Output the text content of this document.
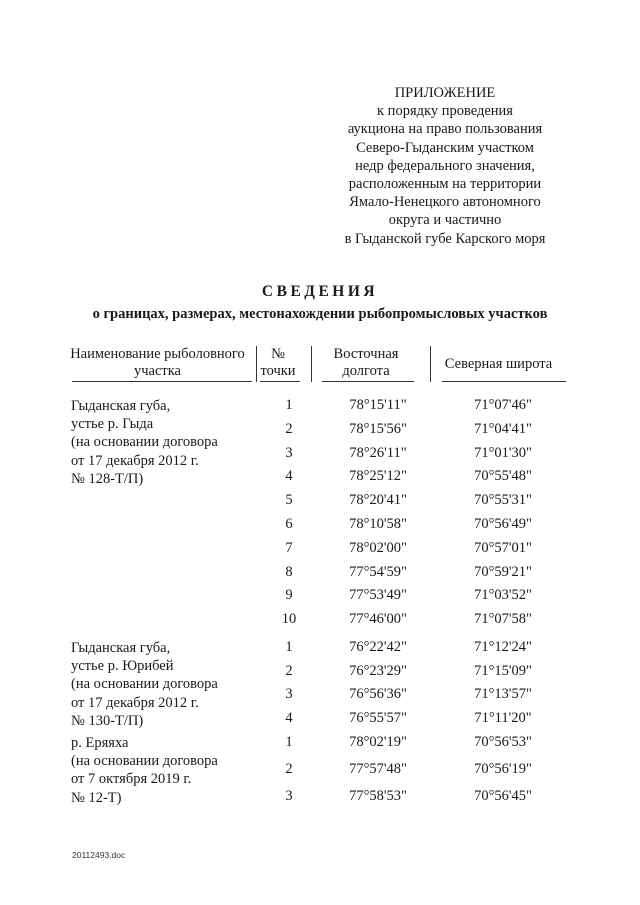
ПРИЛОЖЕНИЕ
к порядку проведения
аукциона на право пользования
Северо-Гыданским участком
недр федерального значения,
расположенным на территории
Ямало-Ненецкого автономного
округа и частично
в Гыданской губе Карского моря
СВЕДЕНИЯ
о границах, размерах, местонахождении рыбопромысловых участков
Наименование рыболовного
участка
№
точки
Восточная
долгота	Северная широта
Гыданская губа,
устье р. Гыда
(на основании договора
от 17 декабря 2012 г.
№ 128-Т/П)
1	78°15'11"	71°07'46"
2	78°15'56"	71°04'41"
3	78°26'11"	71°01'30"
4	78°25'12"	70°55'48"
5	78°20'41"	70°55'31"
6	78°10'58"	70°56'49"
7	78°02'00"	70°57'01"
8	77°54'59"	70°59'21"
9	77°53'49"	71°03'52"
10	77°46'00"	71°07'58"
Гыданская губа,
устье р. Юрибей
(на основании договора
от 17 декабря 2012 г.
№ 130-Т/П)
1	76°22'42"	71°12'24"
2	76°23'29"	71°15'09"
3	76°56'36"	71°13'57"
4	76°55'57"	71°11'20"
р. Еряяха
(на основании договора
от 7 октября 2019 г.
№ 12-Т)
1	78°02'19"	70°56'53"
2	77°57'48"	70°56'19"
3	77°58'53"	70°56'45"
20112493.doc
